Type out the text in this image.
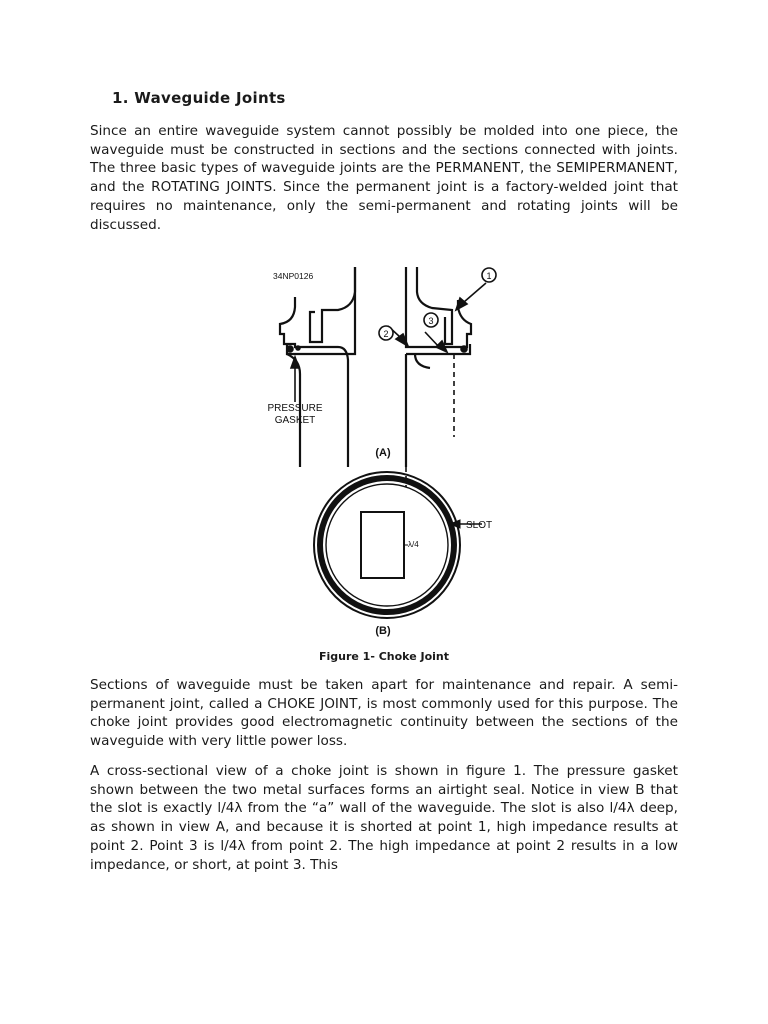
1. Waveguide Joints
Since an entire waveguide system cannot possibly be molded into one piece, the waveguide must be constructed in sections and the sections connected with joints. The three basic types of waveguide joints are the PERMANENT, the SEMIPERMANENT, and the ROTATING JOINTS. Since the permanent joint is a factory-welded joint that requires no maintenance, only the semi-permanent and rotating joints will be discussed.
34NP0126	1
2
3
PRESSURE
GASKET
(A)
λ/4
SLOT
(B)
Figure 1- Choke Joint
Sections of waveguide must be taken apart for maintenance and repair. A semi-permanent joint, called a CHOKE JOINT, is most commonly used for this purpose. The choke joint provides good electromagnetic continuity between the sections of the waveguide with very little power loss.
A cross-sectional view of a choke joint is shown in figure 1. The pressure gasket shown between the two metal surfaces forms an airtight seal. Notice in view B that the slot is exactly l/4λ from the “a” wall of the waveguide. The slot is also l/4λ deep, as shown in view A, and because it is shorted at point 1, high impedance results at point 2. Point 3 is l/4λ from point 2. The high impedance at point 2 results in a low impedance, or short, at point 3. This
